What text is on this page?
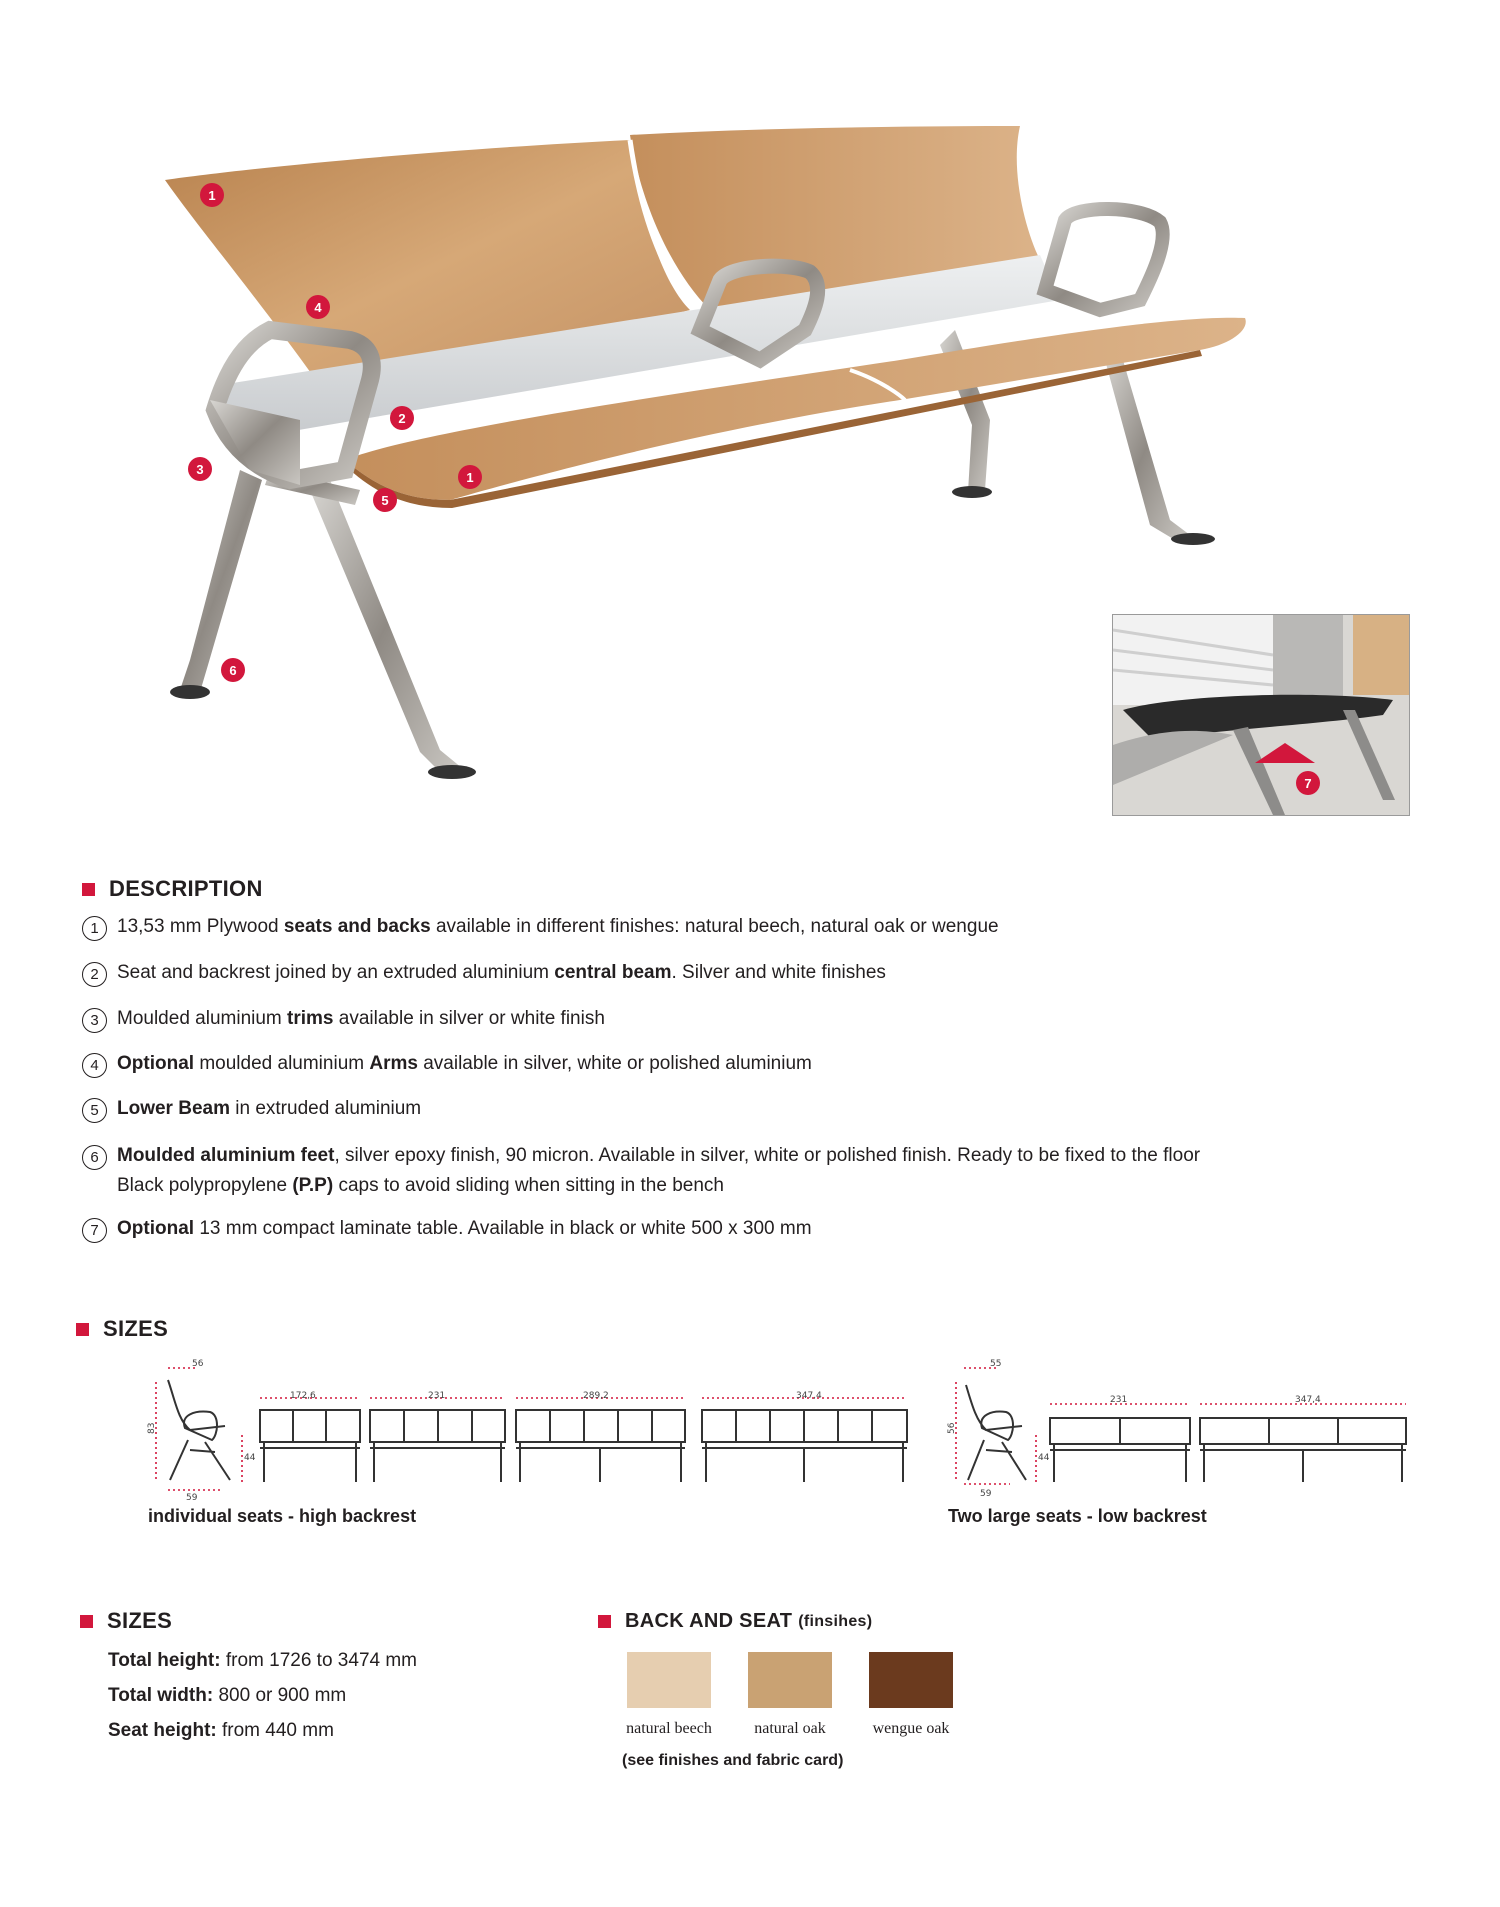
1
4
2
3
1
5
6
7
DESCRIPTION
1 13,53 mm Plywood seats and backs available in different finishes: natural beech, natural oak or wengue
2 Seat and backrest joined by an extruded aluminium central beam. Silver and white finishes
3 Moulded aluminium trims available in silver or white finish
4 Optional moulded aluminium Arms available in silver, white or polished aluminium
5 Lower Beam in extruded aluminium
6 Moulded aluminium feet, silver epoxy finish, 90 micron. Available in silver, white or polished finish. Ready to be fixed to the floor
Black polypropylene (P.P) caps to avoid sliding when sitting in the bench
7 Optional 13 mm compact laminate table. Available in black or white 500 x 300 mm
SIZES
56
83
44
59
172,6	231	289,2	347,4
individual seats - high backrest
55
56
44
59
231	347,4
Two large seats - low backrest
SIZES
Total height: from 1726 to 3474 mm
Total width: 800 or 900 mm
Seat height: from 440 mm
BACK AND SEAT (finsihes)
natural beech	natural oak	wengue oak
(see finishes and fabric card)
